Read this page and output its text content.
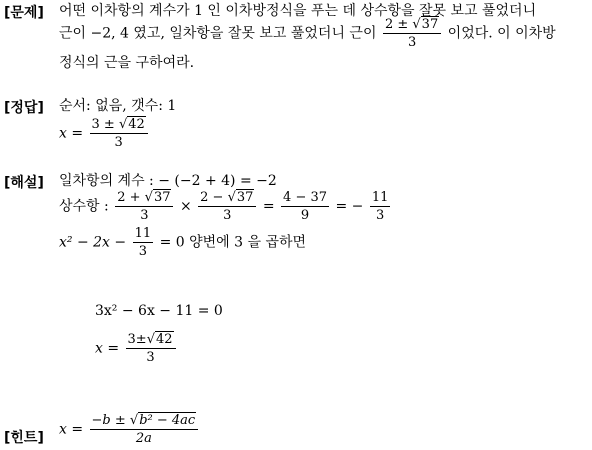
[문제] 어떤 이차항의 계수가 1 인 이차방정식을 푸는 데 상수항을 잘못 보고 풀었더니
근이 −2, 4 였고, 일차항을 잘못 보고 풀었더니 근이 $\frac{2 \pm √37}{3}$ 이었다. 이 이차방
정식의 근을 구하여라.
[정답] 순서: 없음, 갯수: 1
$x = \frac{3 \pm √42}{3}$
[해설] 일차항의 계수 : − (−2 + 4) = −2
상수항 : $\frac{2 + √37}{3} \times \frac{2 - √37}{3} = \frac{4 - 37}{9}$ = − $\frac{11}{3}$
$x^2 - 2x - \frac{11}{3} = 0$ 양변에 3 을 곱하면
3x² − 6x − 11 = 0
$x = \frac{3\pm√42}{3}$
[힌트]
$x = \frac{\text{−b ± √b² − 4ac}}{2a}$
